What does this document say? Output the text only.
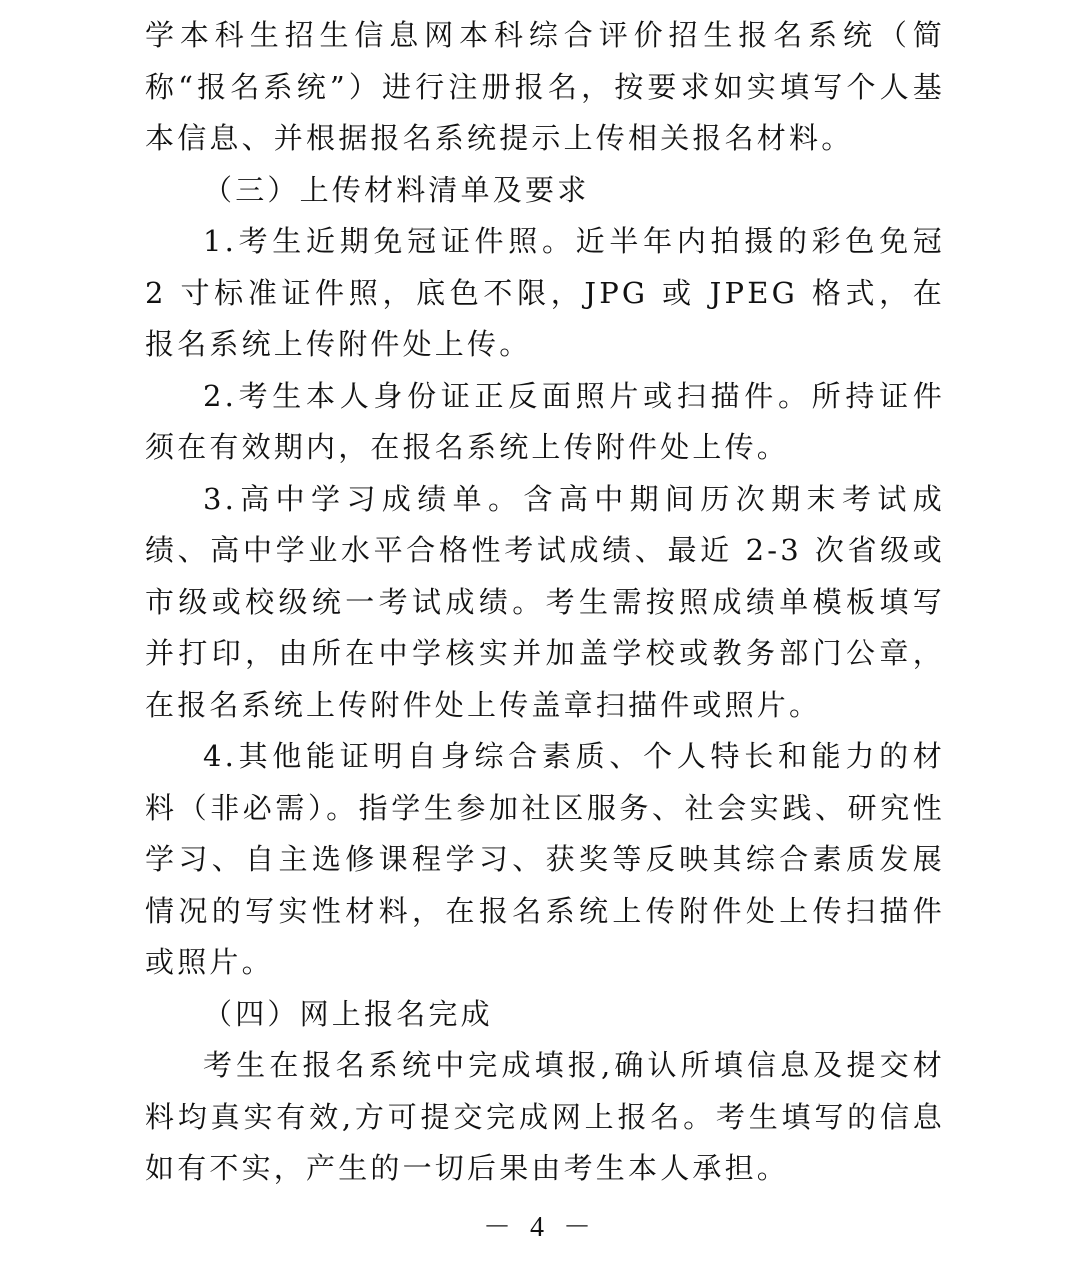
学本科生招生信息网本科综合评价招生报名系统（简称“报名系统”）进行注册报名，按要求如实填写个人基本信息、并根据报名系统提示上传相关报名材料。

（三）上传材料清单及要求

1.考生近期免冠证件照。近半年内拍摄的彩色免冠 2 寸标准证件照，底色不限，JPG 或 JPEG 格式，在报名系统上传附件处上传。

2.考生本人身份证正反面照片或扫描件。所持证件须在有效期内，在报名系统上传附件处上传。

3.高中学习成绩单。含高中期间历次期末考试成绩、高中学业水平合格性考试成绩、最近 2-3 次省级或市级或校级统一考试成绩。考生需按照成绩单模板填写并打印，由所在中学核实并加盖学校或教务部门公章，在报名系统上传附件处上传盖章扫描件或照片。

4.其他能证明自身综合素质、个人特长和能力的材料（非必需）。指学生参加社区服务、社会实践、研究性学习、自主选修课程学习、获奖等反映其综合素质发展情况的写实性材料，在报名系统上传附件处上传扫描件或照片。

（四）网上报名完成

考生在报名系统中完成填报,确认所填信息及提交材料均真实有效,方可提交完成网上报名。考生填写的信息如有不实，产生的一切后果由考生本人承担。

－ 4 －
